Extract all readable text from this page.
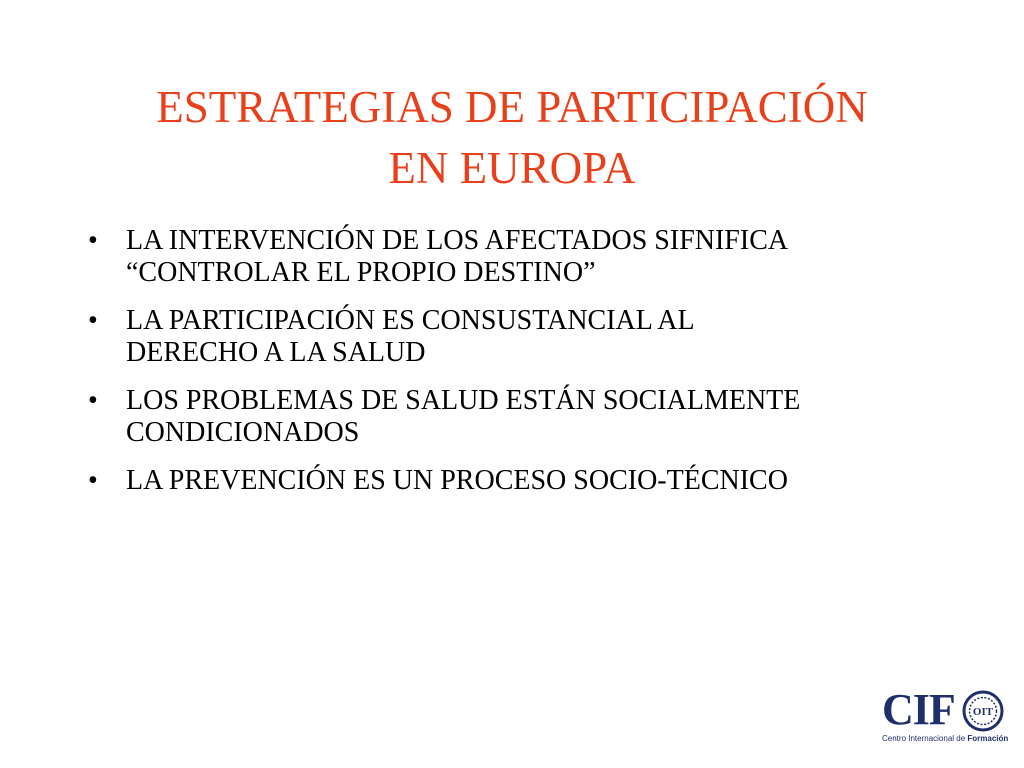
ESTRATEGIAS DE PARTICIPACIÓN
EN EUROPA
•	LA INTERVENCIÓN DE LOS AFECTADOS SIFNIFICA
“CONTROLAR EL PROPIO DESTINO”
•	LA PARTICIPACIÓN ES CONSUSTANCIAL AL
DERECHO A LA SALUD
•	LOS PROBLEMAS DE SALUD ESTÁN SOCIALMENTE
CONDICIONADOS
•	LA PREVENCIÓN ES UN PROCESO SOCIO-TÉCNICO
CIF OIT
Centro Internacional de Formación
